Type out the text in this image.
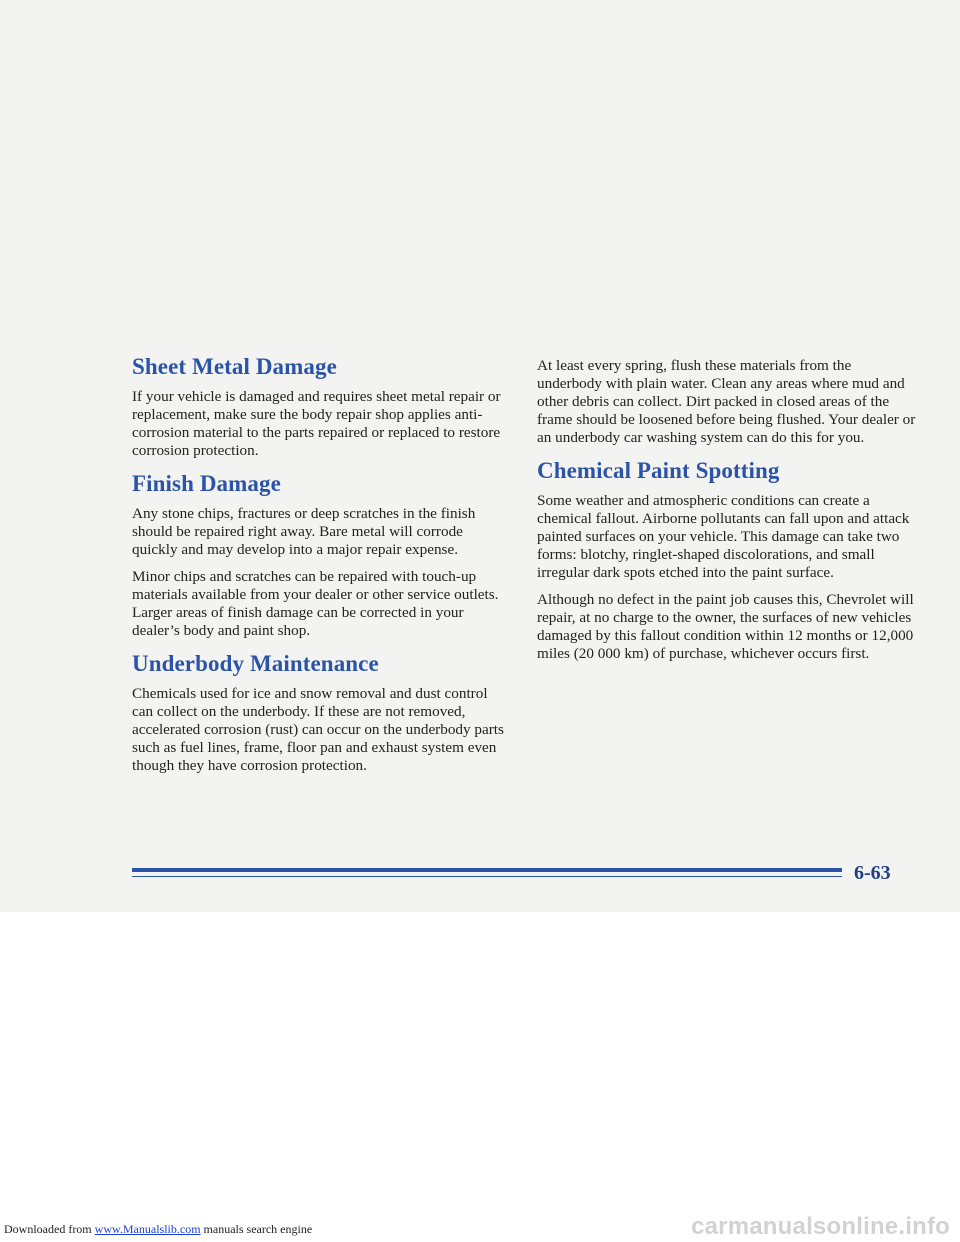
Sheet Metal Damage

If your vehicle is damaged and requires sheet metal repair or replacement, make sure the body repair shop applies anti-corrosion material to the parts repaired or replaced to restore corrosion protection.

Finish Damage

Any stone chips, fractures or deep scratches in the finish should be repaired right away. Bare metal will corrode quickly and may develop into a major repair expense.

Minor chips and scratches can be repaired with touch-up materials available from your dealer or other service outlets. Larger areas of finish damage can be corrected in your dealer’s body and paint shop.

Underbody Maintenance

Chemicals used for ice and snow removal and dust control can collect on the underbody. If these are not removed, accelerated corrosion (rust) can occur on the underbody parts such as fuel lines, frame, floor pan and exhaust system even though they have corrosion protection.

At least every spring, flush these materials from the underbody with plain water. Clean any areas where mud and other debris can collect. Dirt packed in closed areas of the frame should be loosened before being flushed. Your dealer or an underbody car washing system can do this for you.

Chemical Paint Spotting

Some weather and atmospheric conditions can create a chemical fallout. Airborne pollutants can fall upon and attack painted surfaces on your vehicle. This damage can take two forms: blotchy, ringlet-shaped discolorations, and small irregular dark spots etched into the paint surface.

Although no defect in the paint job causes this, Chevrolet will repair, at no charge to the owner, the surfaces of new vehicles damaged by this fallout condition within 12 months or 12,000 miles (20 000 km) of purchase, whichever occurs first.

6-63
Downloaded from www.Manualslib.com manuals search engine	carmanualsonline.info
